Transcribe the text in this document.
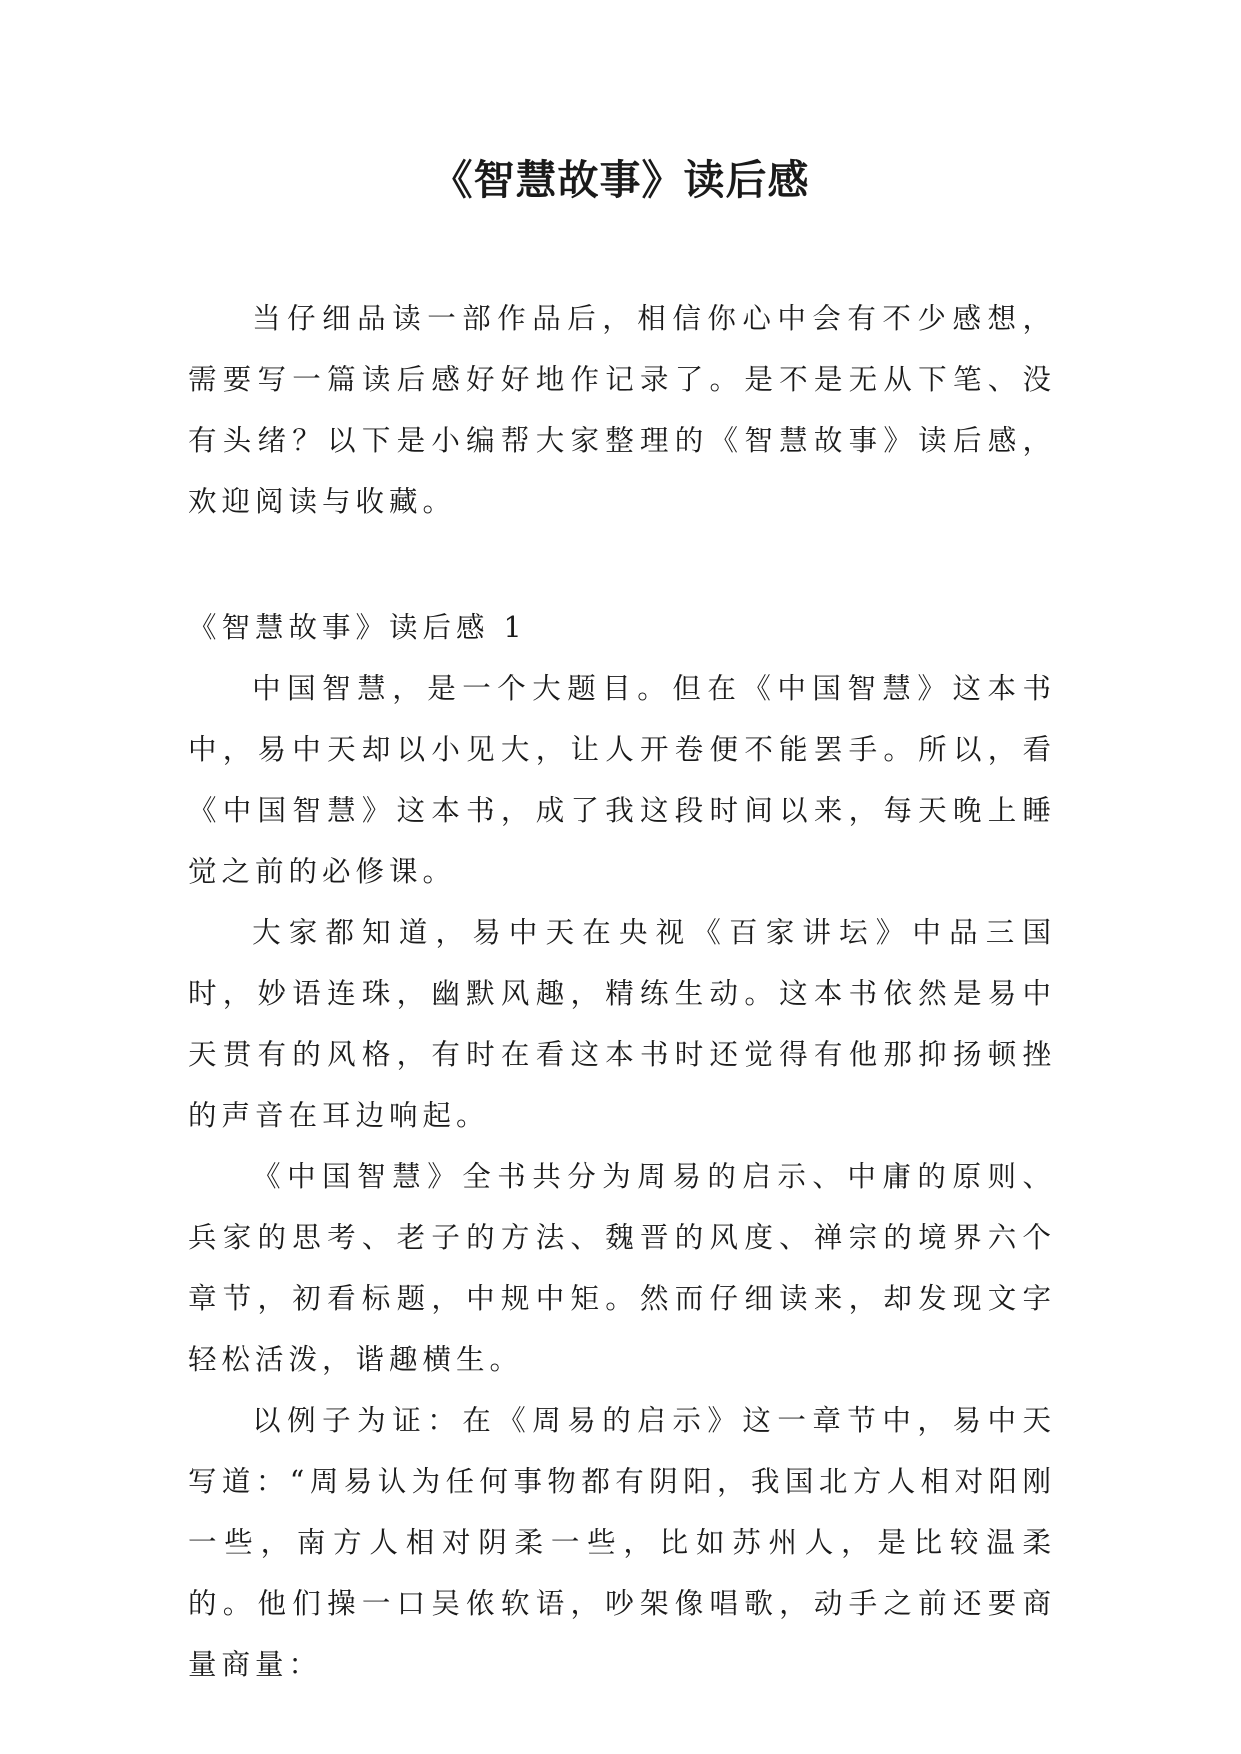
《智慧故事》读后感

当仔细品读一部作品后，相信你心中会有不少感想，需要写一篇读后感好好地作记录了。是不是无从下笔、没有头绪？以下是小编帮大家整理的《智慧故事》读后感，欢迎阅读与收藏。

《智慧故事》读后感 1

中国智慧，是一个大题目。但在《中国智慧》这本书中，易中天却以小见大，让人开卷便不能罢手。所以，看《中国智慧》这本书，成了我这段时间以来，每天晚上睡觉之前的必修课。

大家都知道，易中天在央视《百家讲坛》中品三国时，妙语连珠，幽默风趣，精练生动。这本书依然是易中天贯有的风格，有时在看这本书时还觉得有他那抑扬顿挫的声音在耳边响起。

《中国智慧》全书共分为周易的启示、中庸的原则、兵家的思考、老子的方法、魏晋的风度、禅宗的境界六个章节，初看标题，中规中矩。然而仔细读来，却发现文字轻松活泼，谐趣横生。

以例子为证：在《周易的启示》这一章节中，易中天写道：“周易认为任何事物都有阴阳，我国北方人相对阳刚一些，南方人相对阴柔一些，比如苏州人，是比较温柔的。他们操一口吴侬软语，吵架像唱歌，动手之前还要商量商量：
